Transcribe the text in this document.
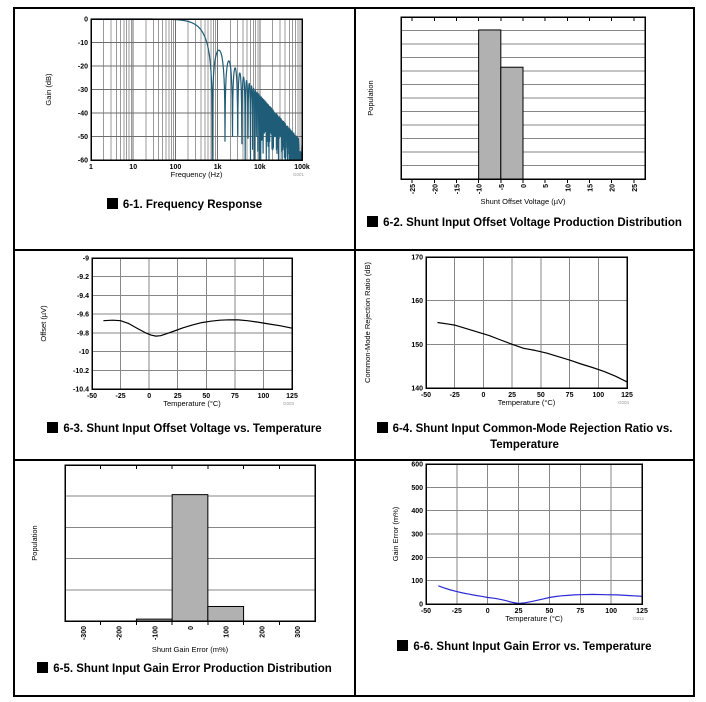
1	10	100	1k	10k	100k
0
-10
-20
-30
-40
-50
-60
Frequency (Hz)
Gain (dB)
G001

6-1. Frequency Response

-25 -20 -15 -10 -5 0 5 10 15 20 25
Shunt Offset Voltage (µV)
Population

6-2. Shunt Input Offset Voltage Production Distribution

-50	-25	0	25	50	75	100 125
-9
-9.2
-9.4
-9.6
-9.8
-10
-10.2
-10.4
Temperature (°C)
Offset (µV)
G003

6-3. Shunt Input Offset Voltage vs. Temperature

-50	-25	0	25	50	75	100 125
140
150
160
170
Temperature (°C)
Common-Mode Rejection Ratio (dB)
G004

6-4. Shunt Input Common-Mode Rejection Ratio vs. Temperature

-300	-200	-100	0	100	200	300
Shunt Gain Error (m%)
Population

6-5. Shunt Input Gain Error Production Distribution

-50	-25	0	25	50	75	100	125
0
100
200
300
400
500
600
Temperature (°C)
Gain Error (m%)
G012

6-6. Shunt Input Gain Error vs. Temperature
